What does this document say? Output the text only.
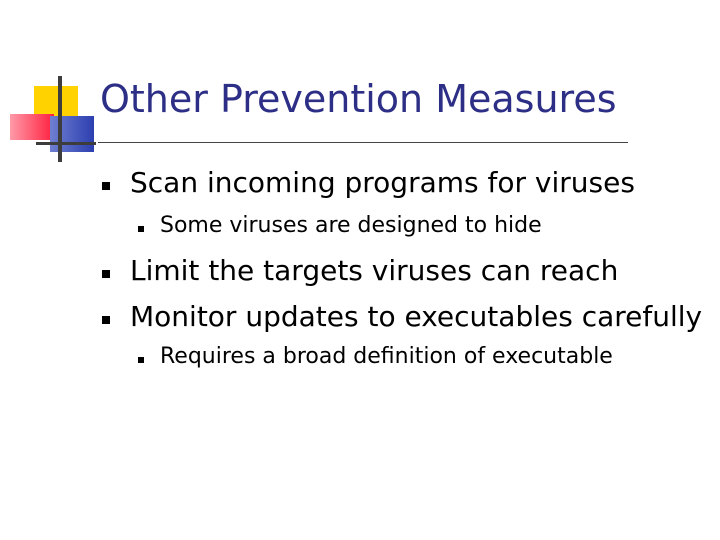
Other Prevention Measures
Scan incoming programs for viruses
Some viruses are designed to hide
Limit the targets viruses can reach
Monitor updates to executables carefully
Requires a broad definition of executable
